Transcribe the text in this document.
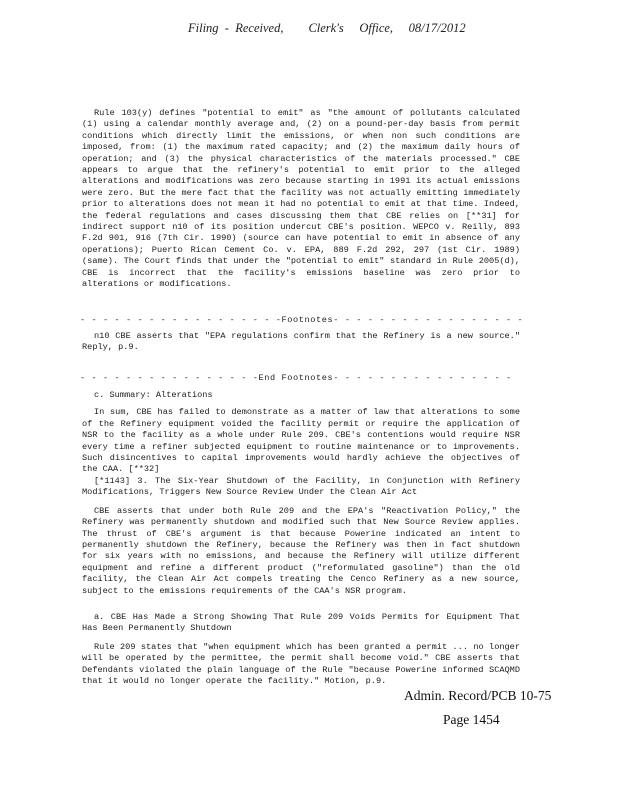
Filing  -  Received,        Clerk's     Office,     08/17/2012

Rule 103(y) defines "potential to emit" as "the amount of pollutants calculated (1) using a calendar monthly average and, (2) on a pound-per-day basis from permit conditions which directly limit the emissions, or when non such conditions are imposed, from: (1) the maximum rated capacity; and (2) the maximum daily hours of operation; and (3) the physical characteristics of the materials processed." CBE appears to argue that the refinery's potential to emit prior to the alleged alterations and modifications was zero because starting in 1991 its actual emissions were zero. But the mere fact that the facility was not actually emitting immediately prior to alterations does not mean it had no potential to emit at that time. Indeed, the federal regulations and cases discussing them that CBE relies on [**31] for indirect support n10 of its position undercut CBE's position. WEPCO v. Reilly, 893 F.2d 901, 916 (7th Cir. 1990) (source can have potential to emit in absence of any operations); Puerto Rican Cement Co. v. EPA, 889 F.2d 292, 297 (1st Cir. 1989) (same). The Court finds that under the "potential to emit" standard in Rule 2005(d), CBE is incorrect that the facility's emissions baseline was zero prior to alterations or modifications.

- - - - - - - - - - - - - - - - - -Footnotes- - - - - - - - - - - - - - - - -

n10 CBE asserts that "EPA regulations confirm that the Refinery is a new source." Reply, p.9.

- - - - - - - - - - - - - - - -End Footnotes- - - - - - - - - - - - - - - -

c. Summary: Alterations

In sum, CBE has failed to demonstrate as a matter of law that alterations to some of the Refinery equipment voided the facility permit or require the application of NSR to the facility as a whole under Rule 209. CBE's contentions would require NSR every time a refiner subjected equipment to routine maintenance or to improvements. Such disincentives to capital improvements would hardly achieve the objectives of the CAA. [**32]

[*1143] 3. The Six-Year Shutdown of the Facility, in Conjunction with Refinery Modifications, Triggers New Source Review Under the Clean Air Act

CBE asserts that under both Rule 209 and the EPA's "Reactivation Policy," the Refinery was permanently shutdown and modified such that New Source Review applies. The thrust of CBE's argument is that because Powerine indicated an intent to permanently shutdown the Refinery, because the Refinery was then in fact shutdown for six years with no emissions, and because the Refinery will utilize different equipment and refine a different product ("reformulated gasoline") than the old facility, the Clean Air Act compels treating the Cenco Refinery as a new source, subject to the emissions requirements of the CAA's NSR program.

a. CBE Has Made a Strong Showing That Rule 209 Voids Permits for Equipment That Has Been Permanently Shutdown

Rule 209 states that "when equipment which has been granted a permit ... no longer will be operated by the permittee, the permit shall become void." CBE asserts that Defendants violated the plain language of the Rule "because Powerine informed SCAQMD that it would no longer operate the facility." Motion, p.9.

Admin. Record/PCB 10-75
Page 1454
